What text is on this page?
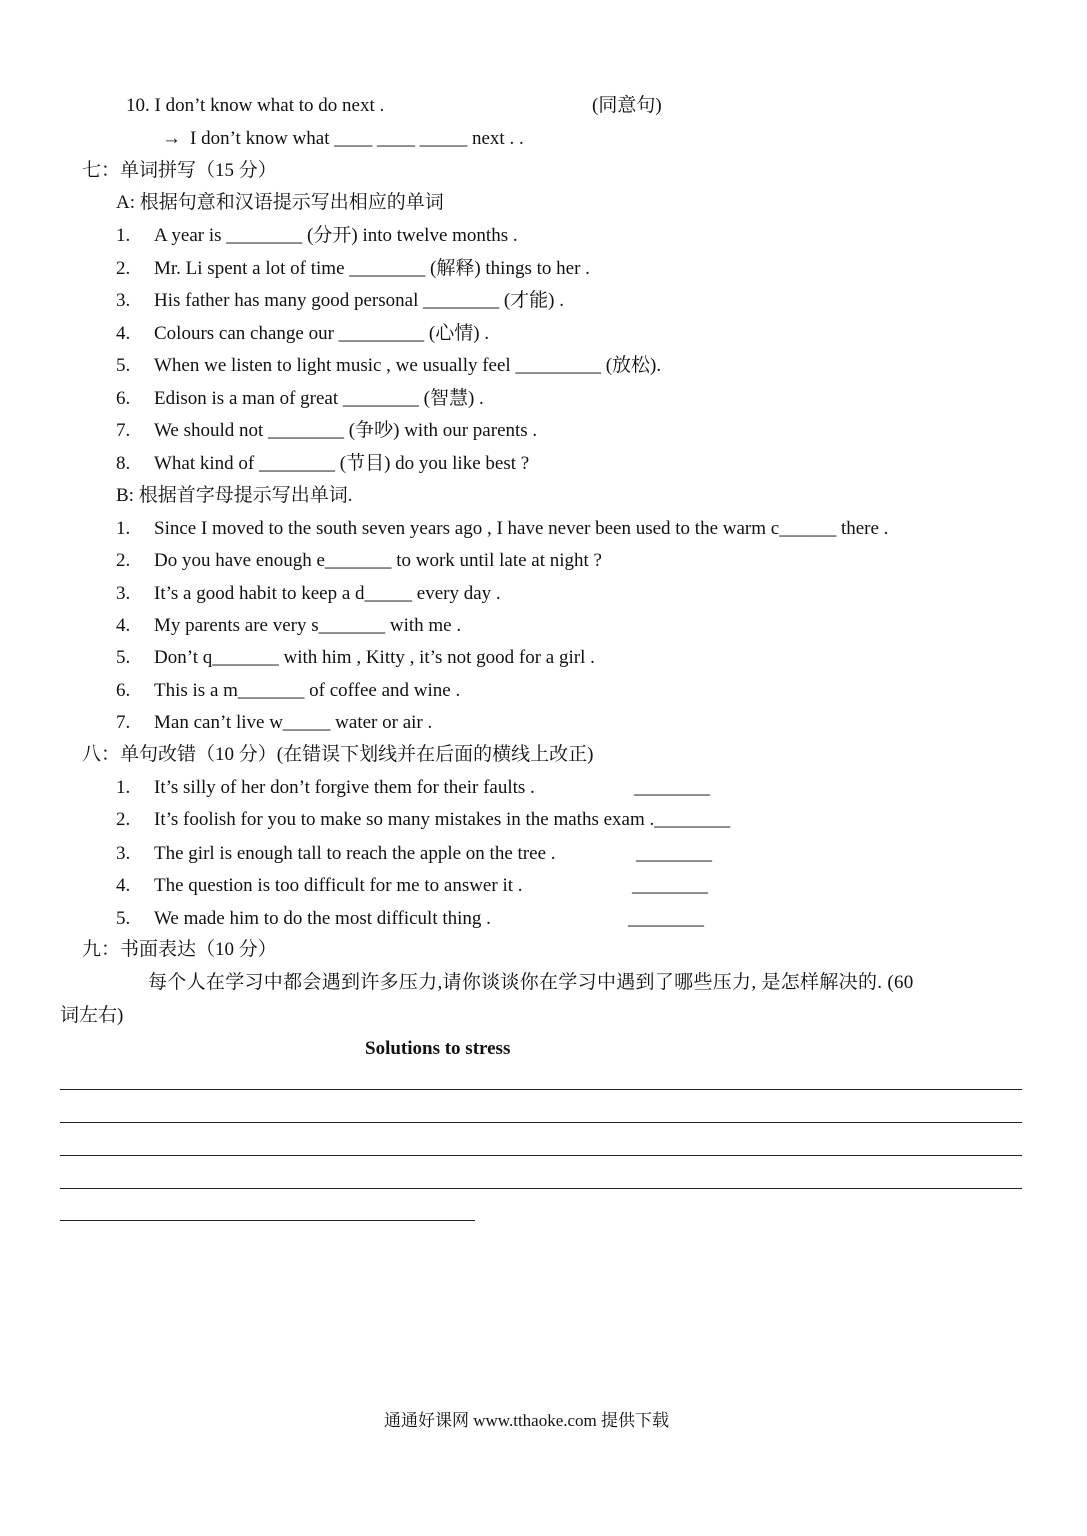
10. I don’t know what to do next .	(同意句)
→ I don’t know what ____ ____ _____ next . .
七：单词拼写（15 分）
A: 根据句意和汉语提示写出相应的单词
1. A year is ________ (分开) into twelve months .
2. Mr. Li spent a lot of time ________ (解释) things to her .
3. His father has many good personal ________ (才能) .
4. Colours can change our _________ (心情) .
5. When we listen to light music , we usually feel _________ (放松).
6. Edison is a man of great ________ (智慧) .
7. We should not ________ (争吵) with our parents .
8. What kind of ________ (节目) do you like best ?
B: 根据首字母提示写出单词.
1. Since I moved to the south seven years ago , I have never been used to the warm c______ there .
2. Do you have enough e_______ to work until late at night ?
3. It’s a good habit to keep a d_____ every day .
4. My parents are very s_______ with me .
5. Don’t q_______ with him , Kitty , it’s not good for a girl .
6. This is a m_______ of coffee and wine .
7. Man can’t live w_____ water or air .
八：单句改错（10 分）(在错误下划线并在后面的横线上改正)
1. It’s silly of her don’t forgive them for their faults .	________
2. It’s foolish for you to make so many mistakes in the maths exam .________
3. The girl is enough tall to reach the apple on the tree .	________
4. The question is too difficult for me to answer it .	________
5. We made him to do the most difficult thing .	________
九：书面表达（10 分）
每个人在学习中都会遇到许多压力,请你谈谈你在学习中遇到了哪些压力, 是怎样解决的. (60
词左右)
Solutions to stress
通通好课网 www.tthaoke.com 提供下载
